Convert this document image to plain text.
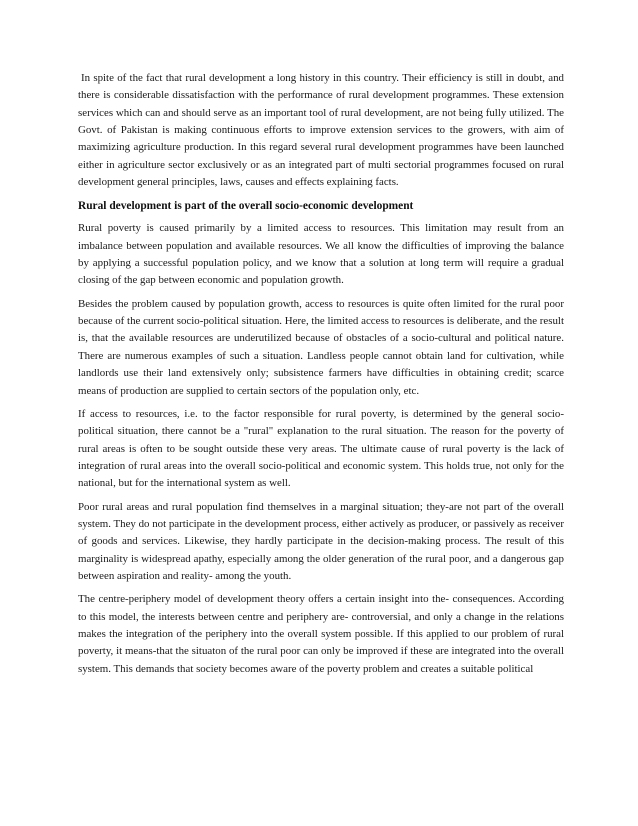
In spite of the fact that rural development a long history in this country. Their efficiency is still in doubt, and there is considerable dissatisfaction with the performance of rural development programmes. These extension services which can and should serve as an important tool of rural development, are not being fully utilized. The Govt. of Pakistan is making continuous efforts to improve extension services to the growers, with aim of maximizing agriculture production. In this regard several rural development programmes have been launched either in agriculture sector exclusively or as an integrated part of multi sectorial programmes focused on rural development general principles, laws, causes and effects explaining facts.

Rural development is part of the overall socio-economic development

Rural poverty is caused primarily by a limited access to resources. This limitation may result from an imbalance between population and available resources. We all know the difficulties of improving the balance by applying a successful population policy, and we know that a solution at long term will require a gradual closing of the gap between economic and population growth.

Besides the problem caused by population growth, access to resources is quite often limited for the rural poor because of the current socio-political situation. Here, the limited access to resources is deliberate, and the result is, that the available resources are underutilized because of obstacles of a socio-cultural and political nature. There are numerous examples of such a situation. Landless people cannot obtain land for cultivation, while landlords use their land extensively only; subsistence farmers have difficulties in obtaining credit; scarce means of production are supplied to certain sectors of the population only, etc.

If access to resources, i.e. to the factor responsible for rural poverty, is determined by the general socio-political situation, there cannot be a "rural" explanation to the rural situation. The reason for the poverty of rural areas is often to be sought outside these very areas. The ultimate cause of rural poverty is the lack of integration of rural areas into the overall socio-political and economic system. This holds true, not only for the national, but for the international system as well.

Poor rural areas and rural population find themselves in a marginal situation; they-are not part of the overall system. They do not participate in the development process, either actively as producer, or passively as receiver of goods and services. Likewise, they hardly participate in the decision-making process. The result of this marginality is widespread apathy, especially among the older generation of the rural poor, and a dangerous gap between aspiration and reality- among the youth.

The centre-periphery model of development theory offers a certain insight into the- consequences. According to this model, the interests between centre and periphery are- controversial, and only a change in the relations makes the integration of the periphery into the overall system possible. If this applied to our problem of rural poverty, it means-that the situaton of the rural poor can only be improved if these are integrated into the overall system. This demands that society becomes aware of the poverty problem and creates a suitable political
